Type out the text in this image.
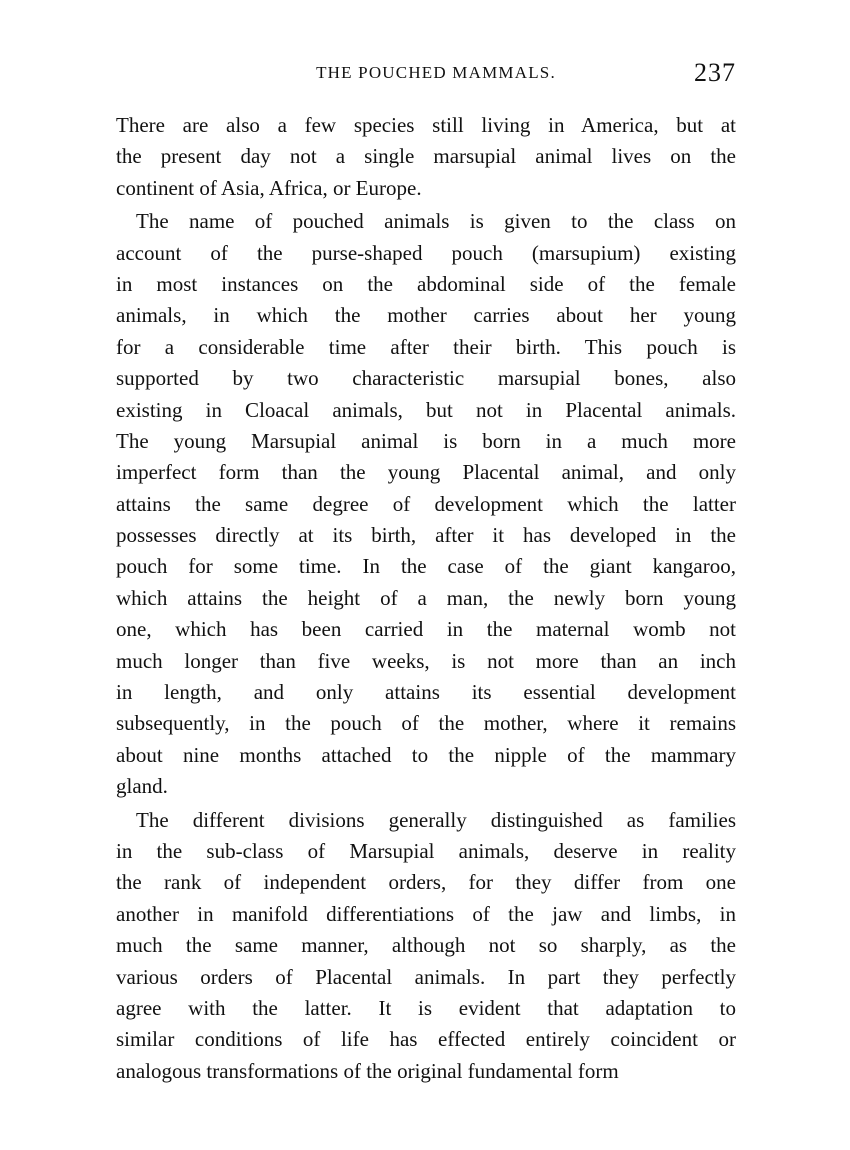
THE POUCHED MAMMALS.	237
There are also a few species still living in America, but at
the present day not a single marsupial animal lives on the
continent of Asia, Africa, or Europe.
The name of pouched animals is given to the class on
account of the purse-shaped pouch (marsupium) existing
in most instances on the abdominal side of the female
animals, in which the mother carries about her young
for a considerable time after their birth. This pouch is
supported by two characteristic marsupial bones, also
existing in Cloacal animals, but not in Placental animals.
The young Marsupial animal is born in a much more
imperfect form than the young Placental animal, and only
attains the same degree of development which the latter
possesses directly at its birth, after it has developed in the
pouch for some time. In the case of the giant kangaroo,
which attains the height of a man, the newly born young
one, which has been carried in the maternal womb not
much longer than five weeks, is not more than an inch
in length, and only attains its essential development
subsequently, in the pouch of the mother, where it remains
about nine months attached to the nipple of the mammary
gland.
The different divisions generally distinguished as families
in the sub-class of Marsupial animals, deserve in reality
the rank of independent orders, for they differ from one
another in manifold differentiations of the jaw and limbs, in
much the same manner, although not so sharply, as the
various orders of Placental animals. In part they perfectly
agree with the latter. It is evident that adaptation to
similar conditions of life has effected entirely coincident or
analogous transformations of the original fundamental form
